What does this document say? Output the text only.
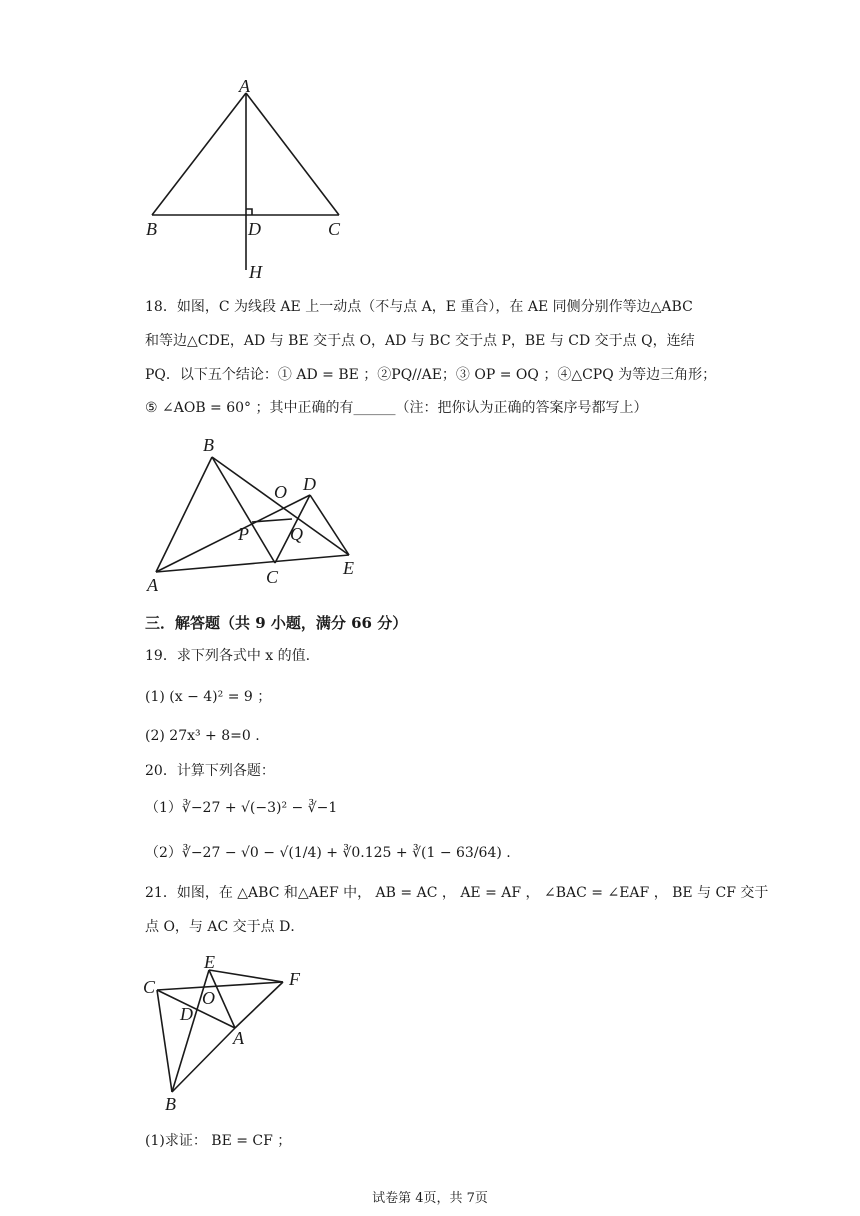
A
B	D	C
H
18．如图，C 为线段 AE 上一动点（不与点 A，E 重合），在 AE 同侧分别作等边△ABC
和等边△CDE，AD 与 BE 交于点 O，AD 与 BC 交于点 P，BE 与 CD 交于点 Q，连结
PQ．以下五个结论：① AD = BE ；②PQ//AE；③ OP = OQ ；④△CPQ 为等边三角形；
⑤ ∠AOB = 60° ；其中正确的有______（注：把你认为正确的答案序号都写上）
B
O D
P Q
A	C	E
三．解答题（共 9 小题，满分 66 分）
19．求下列各式中 x 的值.
(1) (x − 4)² = 9 ；
(2) 27x³ + 8=0 .
20．计算下列各题：
（1）∛−27 + √(−3)² − ∛−1
（2）∛−27 − √0 − √(1/4) + ∛0.125 + ∛(1 − 63/64) .
21．如图，在 △ABC 和△AEF 中， AB = AC ， AE = AF ， ∠BAC = ∠EAF ， BE 与 CF 交于
点 O，与 AC 交于点 D．
C
E
F
O
D
A
B
(1)求证： BE = CF ；
试卷第 4页，共 7页
